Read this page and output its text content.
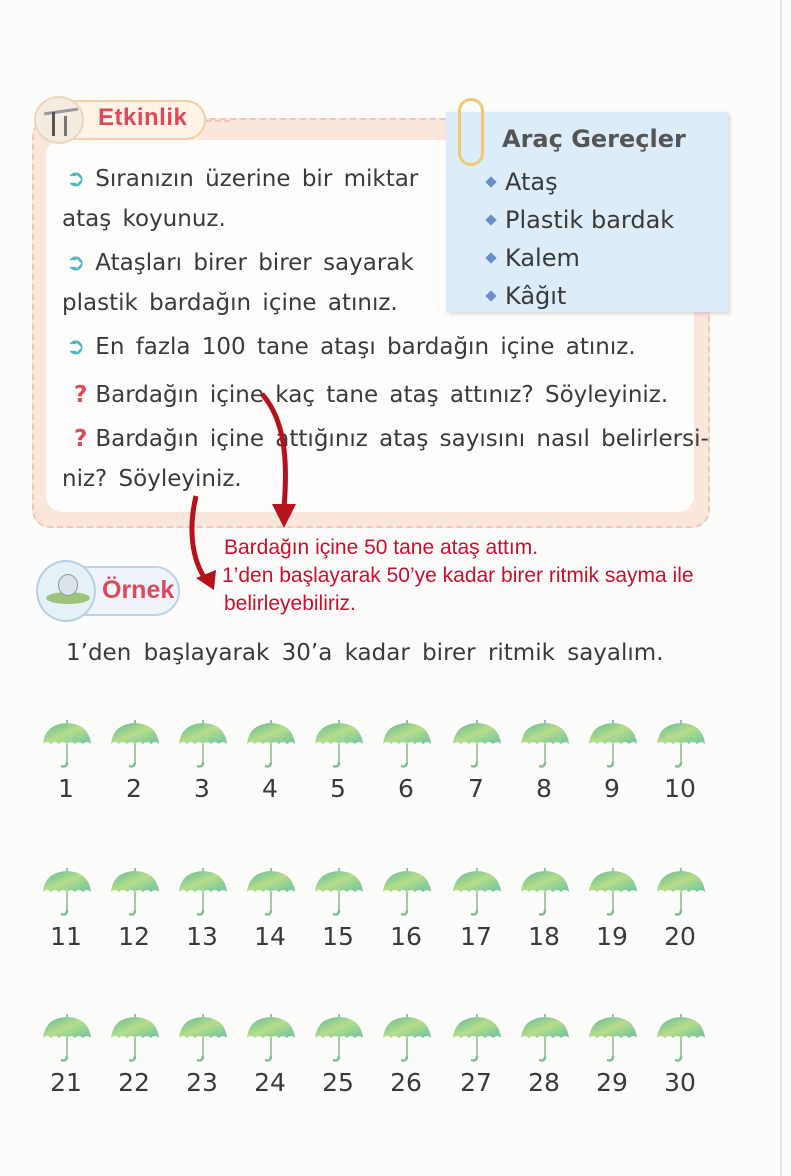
Etkinlik
Araç Gereçler
Ataş
Plastik bardak
Kalem
Kâğıt
➲ Sıranızın üzerine bir miktar
ataş koyunuz.
➲ Ataşları birer birer sayarak
plastik bardağın içine atınız.
➲ En fazla 100 tane ataşı bardağın içine atınız.
? Bardağın içine kaç tane ataş attınız? Söyleyiniz.
? Bardağın içine attığınız ataş sayısını nasıl belirlersi-
niz? Söyleyiniz.
Bardağın içine 50 tane ataş attım.
1’den başlayarak 50’ye kadar birer ritmik sayma ile
belirleyebiliriz.
Örnek
1’den başlayarak 30’a kadar birer ritmik sayalım.
1	2	3	4	5	6	7	8	9	10
11	12	13	14	15	16	17	18	19	20
21	22	23	24	25	26	27	28	29	30
